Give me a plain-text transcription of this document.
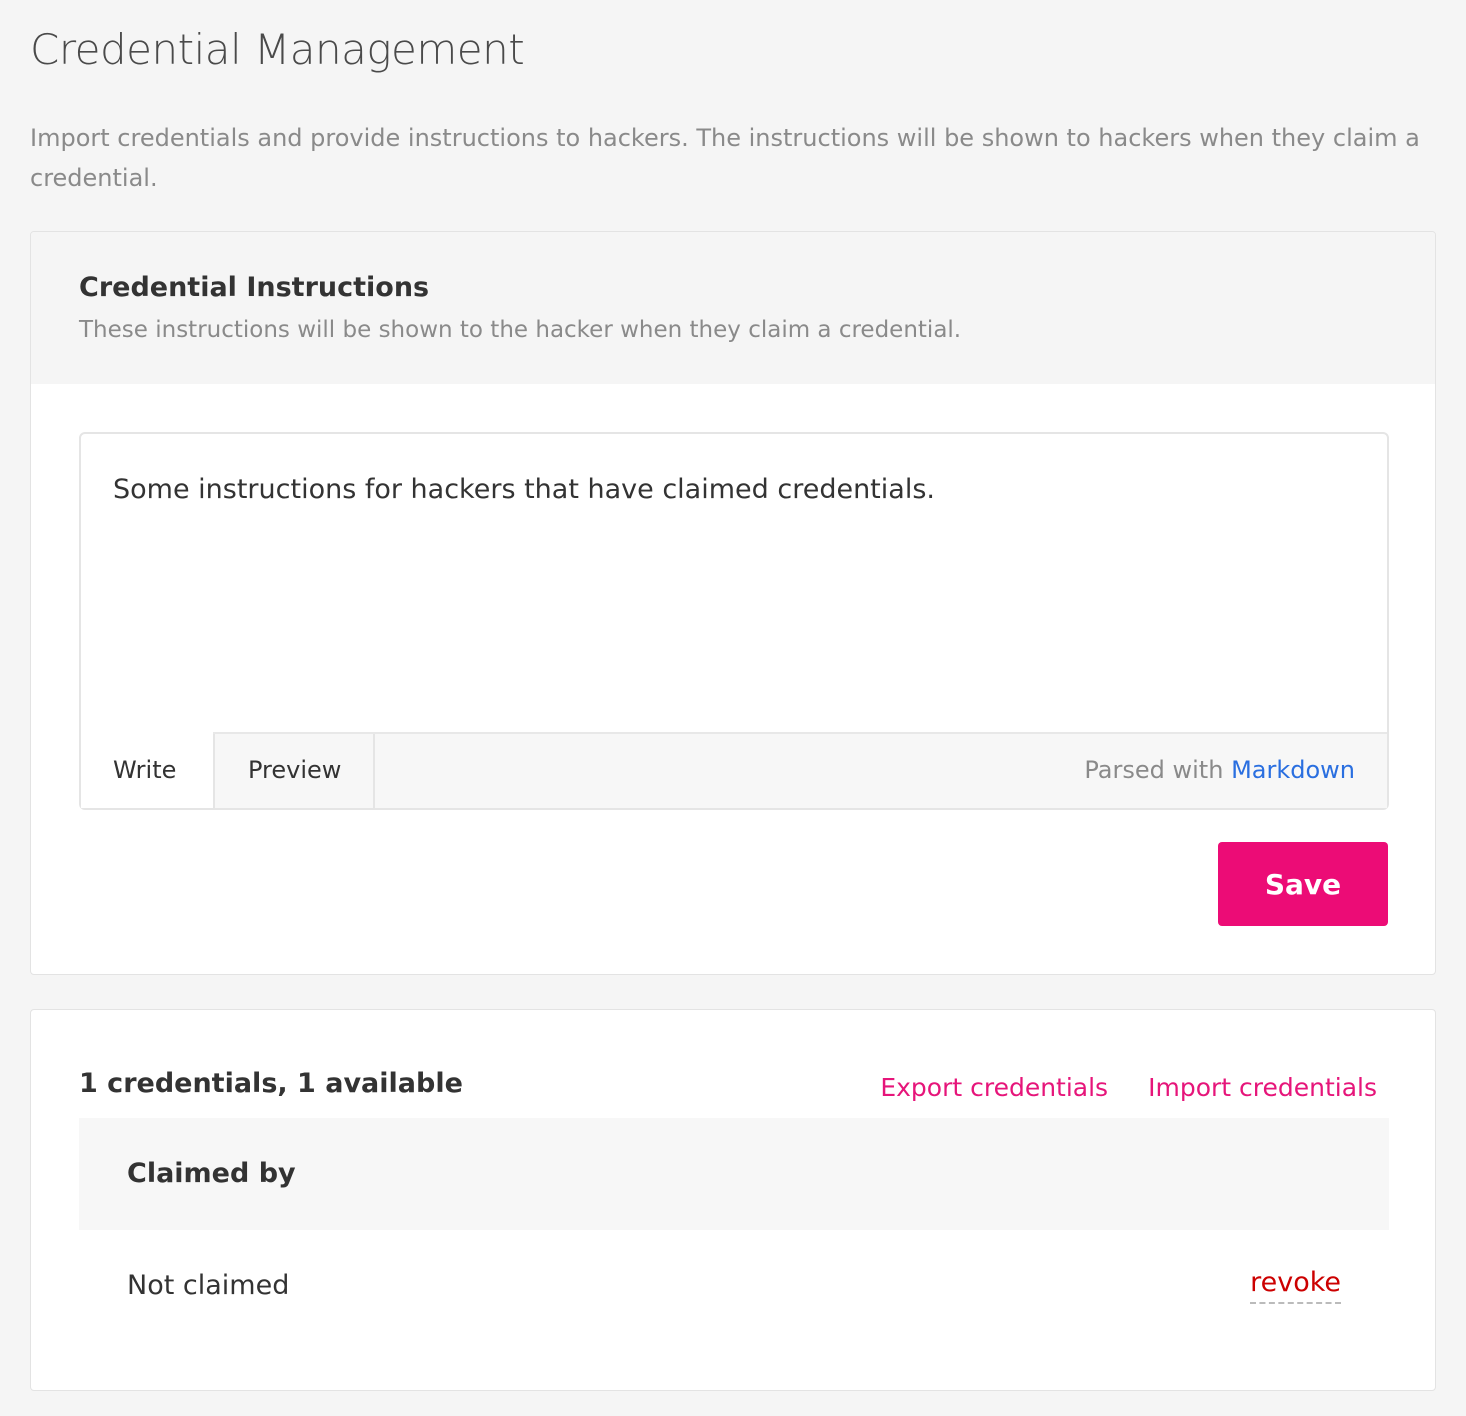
Credential Management

Import credentials and provide instructions to hackers. The instructions will be shown to hackers when they claim a credential.

Credential Instructions

These instructions will be shown to the hacker when they claim a credential.

Some instructions for hackers that have claimed credentials.
Write	Preview	Parsed with Markdown
Save
1 credentials, 1 available	Export credentials Import credentials
Claimed by
Not claimed	revoke
